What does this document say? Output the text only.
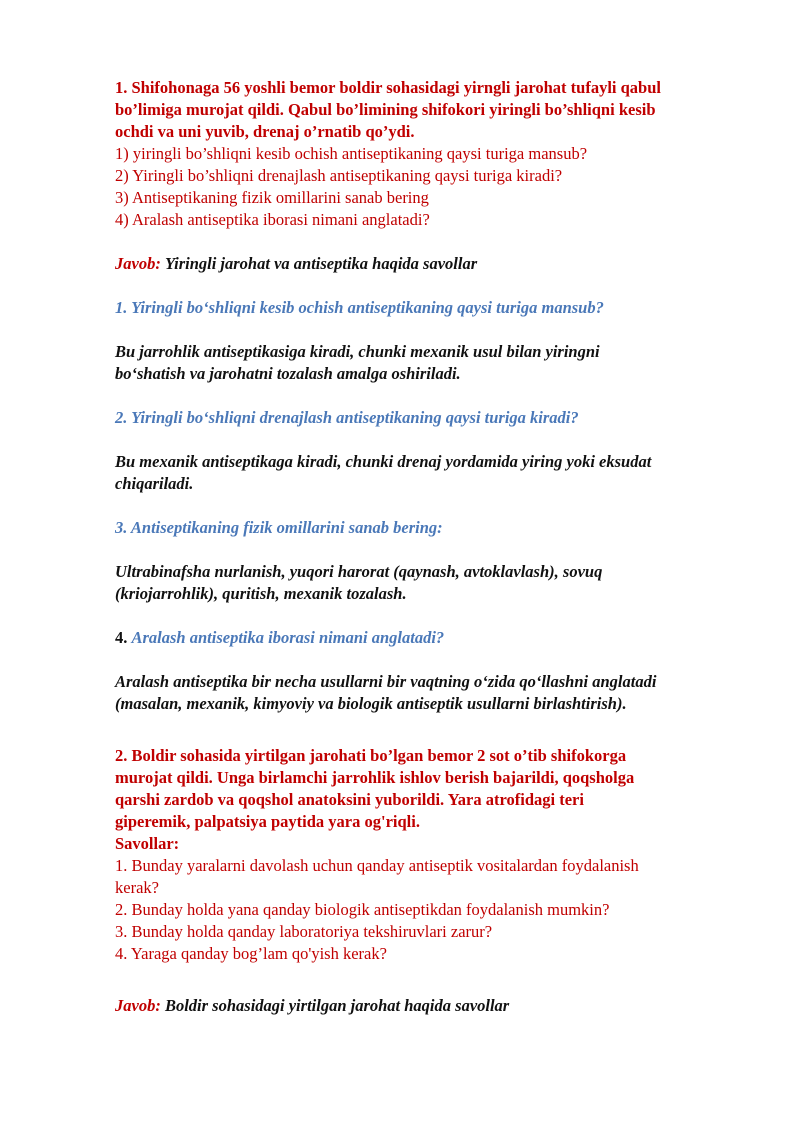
1. Shifohonaga 56 yoshli bemor boldir sohasidagi yirngli jarohat tufayli qabul

bo’limiga murojat qildi. Qabul bo’limining shifokori yiringli bo’shliqni kesib

ochdi va uni yuvib, drenaj o’rnatib qo’ydi.

1) yiringli bo’shliqni kesib ochish antiseptikaning qaysi turiga mansub?

2) Yiringli bo’shliqni drenajlash antiseptikaning qaysi turiga kiradi?

3) Antiseptikaning fizik omillarini sanab bering

4) Aralash antiseptika iborasi nimani anglatadi?

Javob: Yiringli jarohat va antiseptika haqida savollar

1. Yiringli bo‘shliqni kesib ochish antiseptikaning qaysi turiga mansub?

Bu jarrohlik antiseptikasiga kiradi, chunki mexanik usul bilan yiringni

bo‘shatish va jarohatni tozalash amalga oshiriladi.

2. Yiringli bo‘shliqni drenajlash antiseptikaning qaysi turiga kiradi?

Bu mexanik antiseptikaga kiradi, chunki drenaj yordamida yiring yoki eksudat

chiqariladi.

3. Antiseptikaning fizik omillarini sanab bering:

Ultrabinafsha nurlanish, yuqori harorat (qaynash, avtoklavlash), sovuq

(kriojarrohlik), quritish, mexanik tozalash.

4. Aralash antiseptika iborasi nimani anglatadi?

Aralash antiseptika bir necha usullarni bir vaqtning o‘zida qo‘llashni anglatadi

(masalan, mexanik, kimyoviy va biologik antiseptik usullarni birlashtirish).

2. Boldir sohasida yirtilgan jarohati bo’lgan bemor 2 sot o’tib shifokorga

murojat qildi. Unga birlamchi jarrohlik ishlov berish bajarildi, qoqsholga

qarshi zardob va qoqshol anatoksini yuborildi. Yara atrofidagi teri

giperemik, palpatsiya paytida yara og'riqli.

Savollar:

1. Bunday yaralarni davolash uchun qanday antiseptik vositalardan foydalanish

kerak?

2. Bunday holda yana qanday biologik antiseptikdan foydalanish mumkin?

3. Bunday holda qanday laboratoriya tekshiruvlari zarur?

4. Yaraga qanday bog’lam qo'yish kerak?

Javob: Boldir sohasidagi yirtilgan jarohat haqida savollar
